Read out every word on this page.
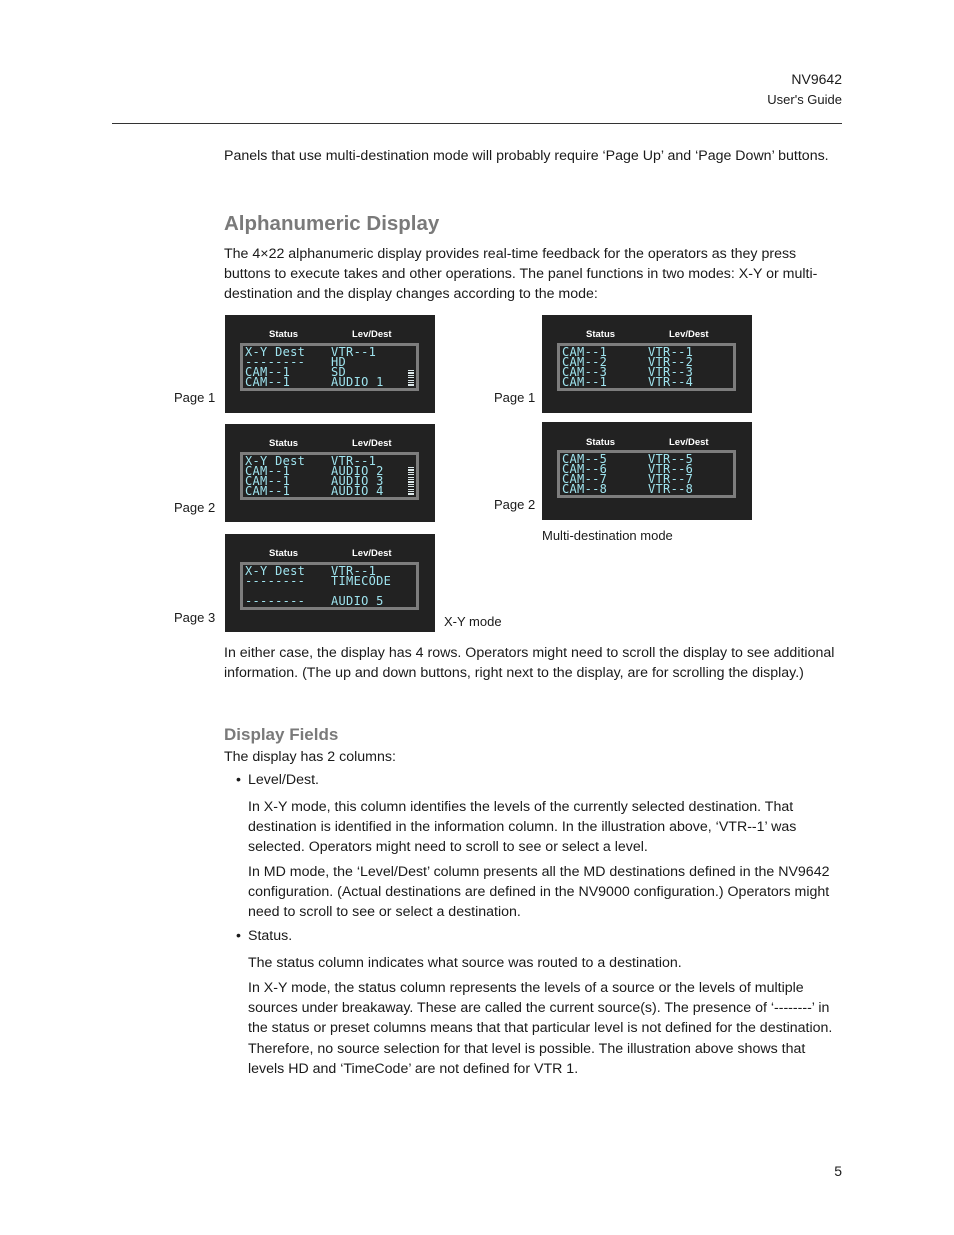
NV9642
User's Guide
Panels that use multi-destination mode will probably require ‘Page Up’ and ‘Page Down’ buttons.
Alphanumeric Display
The 4×22 alphanumeric display provides real-time feedback for the operators as they press buttons to execute takes and other operations. The panel functions in two modes: X-Y or multi-destination and the display changes according to the mode:
Page 1
Page 2
Page 3
Status	Lev/Dest
X-Y Dest VTR--1
-------- HD
CAM--1	SD
CAM--1	AUDIO 1
Status	Lev/Dest
X-Y Dest VTR--1
CAM--1	AUDIO 2
CAM--1	AUDIO 3
CAM--1	AUDIO 4
Status	Lev/Dest
X-Y Dest VTR--1
-------- TIMECODE
-------- AUDIO 5
X-Y mode
Page 1
Page 2
Status	Lev/Dest
CAM--1	VTR--1
CAM--2	VTR--2
CAM--3	VTR--3
CAM--1	VTR--4
Status	Lev/Dest
CAM--5	VTR--5
CAM--6	VTR--6
CAM--7	VTR--7
CAM--8	VTR--8
Multi-destination mode
In either case, the display has 4 rows. Operators might need to scroll the display to see additional information. (The up and down buttons, right next to the display, are for scrolling the display.)
Display Fields
The display has 2 columns:
• Level/Dest.
In X-Y mode, this column identifies the levels of the currently selected destination. That destination is identified in the information column. In the illustration above, ‘VTR--1’ was selected. Operators might need to scroll to see or select a level.
In MD mode, the ‘Level/Dest’ column presents all the MD destinations defined in the NV9642 configuration. (Actual destinations are defined in the NV9000 configuration.) Operators might need to scroll to see or select a destination.
• Status.
The status column indicates what source was routed to a destination.
In X-Y mode, the status column represents the levels of a source or the levels of multiple sources under breakaway. These are called the current source(s). The presence of ‘--------’ in the status or preset columns means that that particular level is not defined for the destination. Therefore, no source selection for that level is possible. The illustration above shows that levels HD and ‘TimeCode’ are not defined for VTR 1.
5
